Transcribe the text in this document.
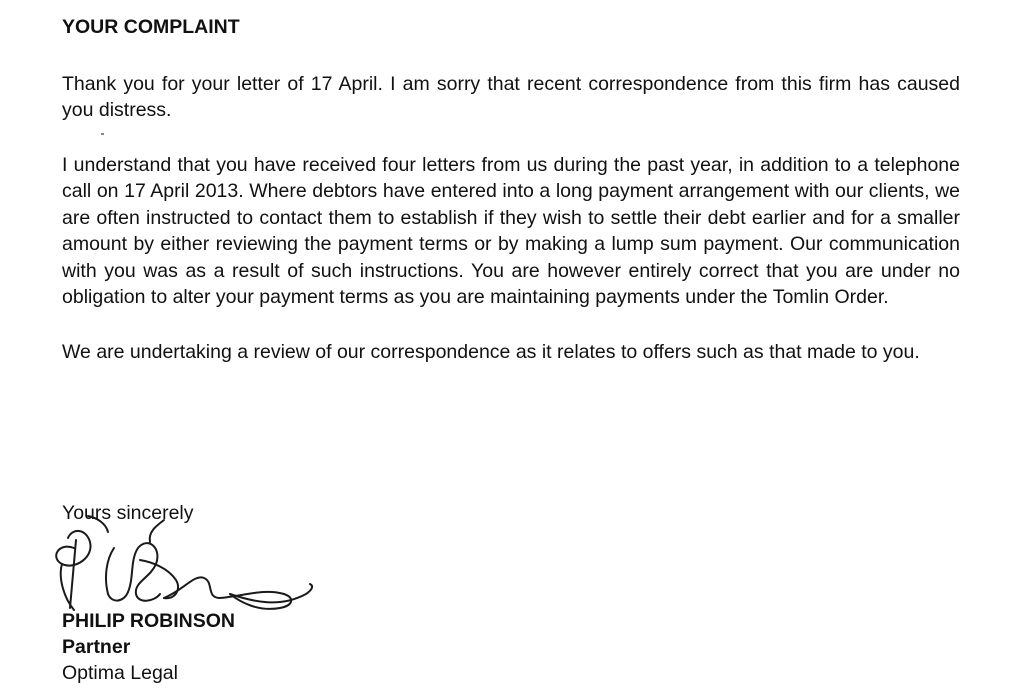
YOUR COMPLAINT

Thank you for your letter of 17 April. I am sorry that recent correspondence from this firm has caused you distress.

I understand that you have received four letters from us during the past year, in addition to a telephone call on 17 April 2013. Where debtors have entered into a long payment arrangement with our clients, we are often instructed to contact them to establish if they wish to settle their debt earlier and for a smaller amount by either reviewing the payment terms or by making a lump sum payment. Our communication with you was as a result of such instructions. You are however entirely correct that you are under no obligation to alter your payment terms as you are maintaining payments under the Tomlin Order.

We are undertaking a review of our correspondence as it relates to offers such as that made to you.

Yours sincerely
PHILIP ROBINSON
Partner
Optima Legal
